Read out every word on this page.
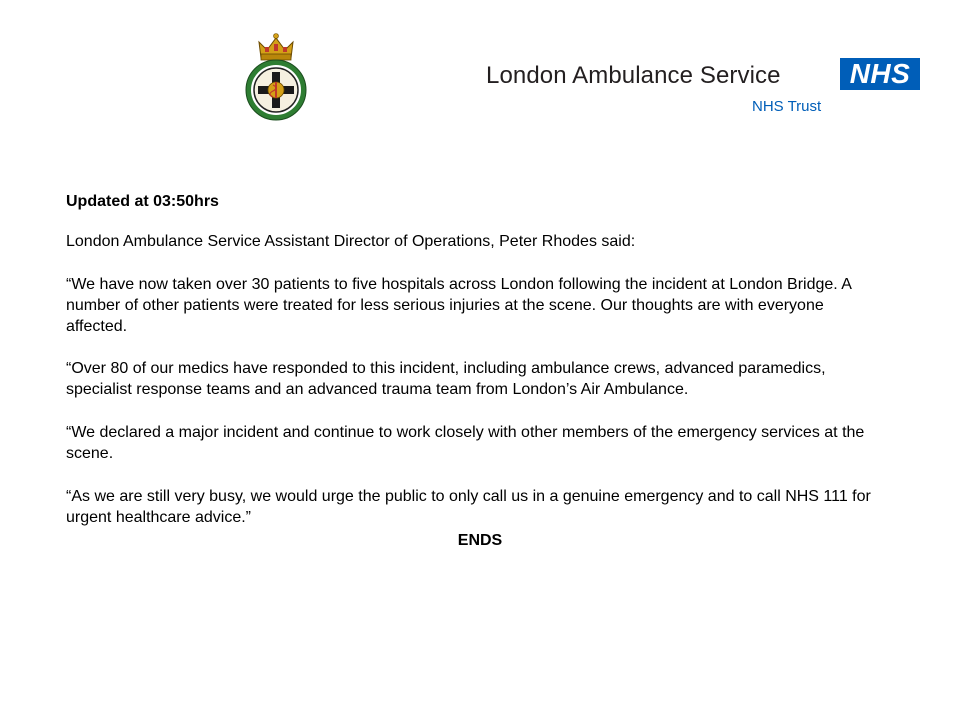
London Ambulance Service	NHS
NHS Trust

Updated at 03:50hrs

London Ambulance Service Assistant Director of Operations, Peter Rhodes said:

“We have now taken over 30 patients to five hospitals across London following the incident at London Bridge. A number of other patients were treated for less serious injuries at the scene. Our thoughts are with everyone affected.

“Over 80 of our medics have responded to this incident, including ambulance crews, advanced paramedics, specialist response teams and an advanced trauma team from London’s Air Ambulance.

“We declared a major incident and continue to work closely with other members of the emergency services at the scene.

“As we are still very busy, we would urge the public to only call us in a genuine emergency and to call NHS 111 for urgent healthcare advice.”

ENDS
